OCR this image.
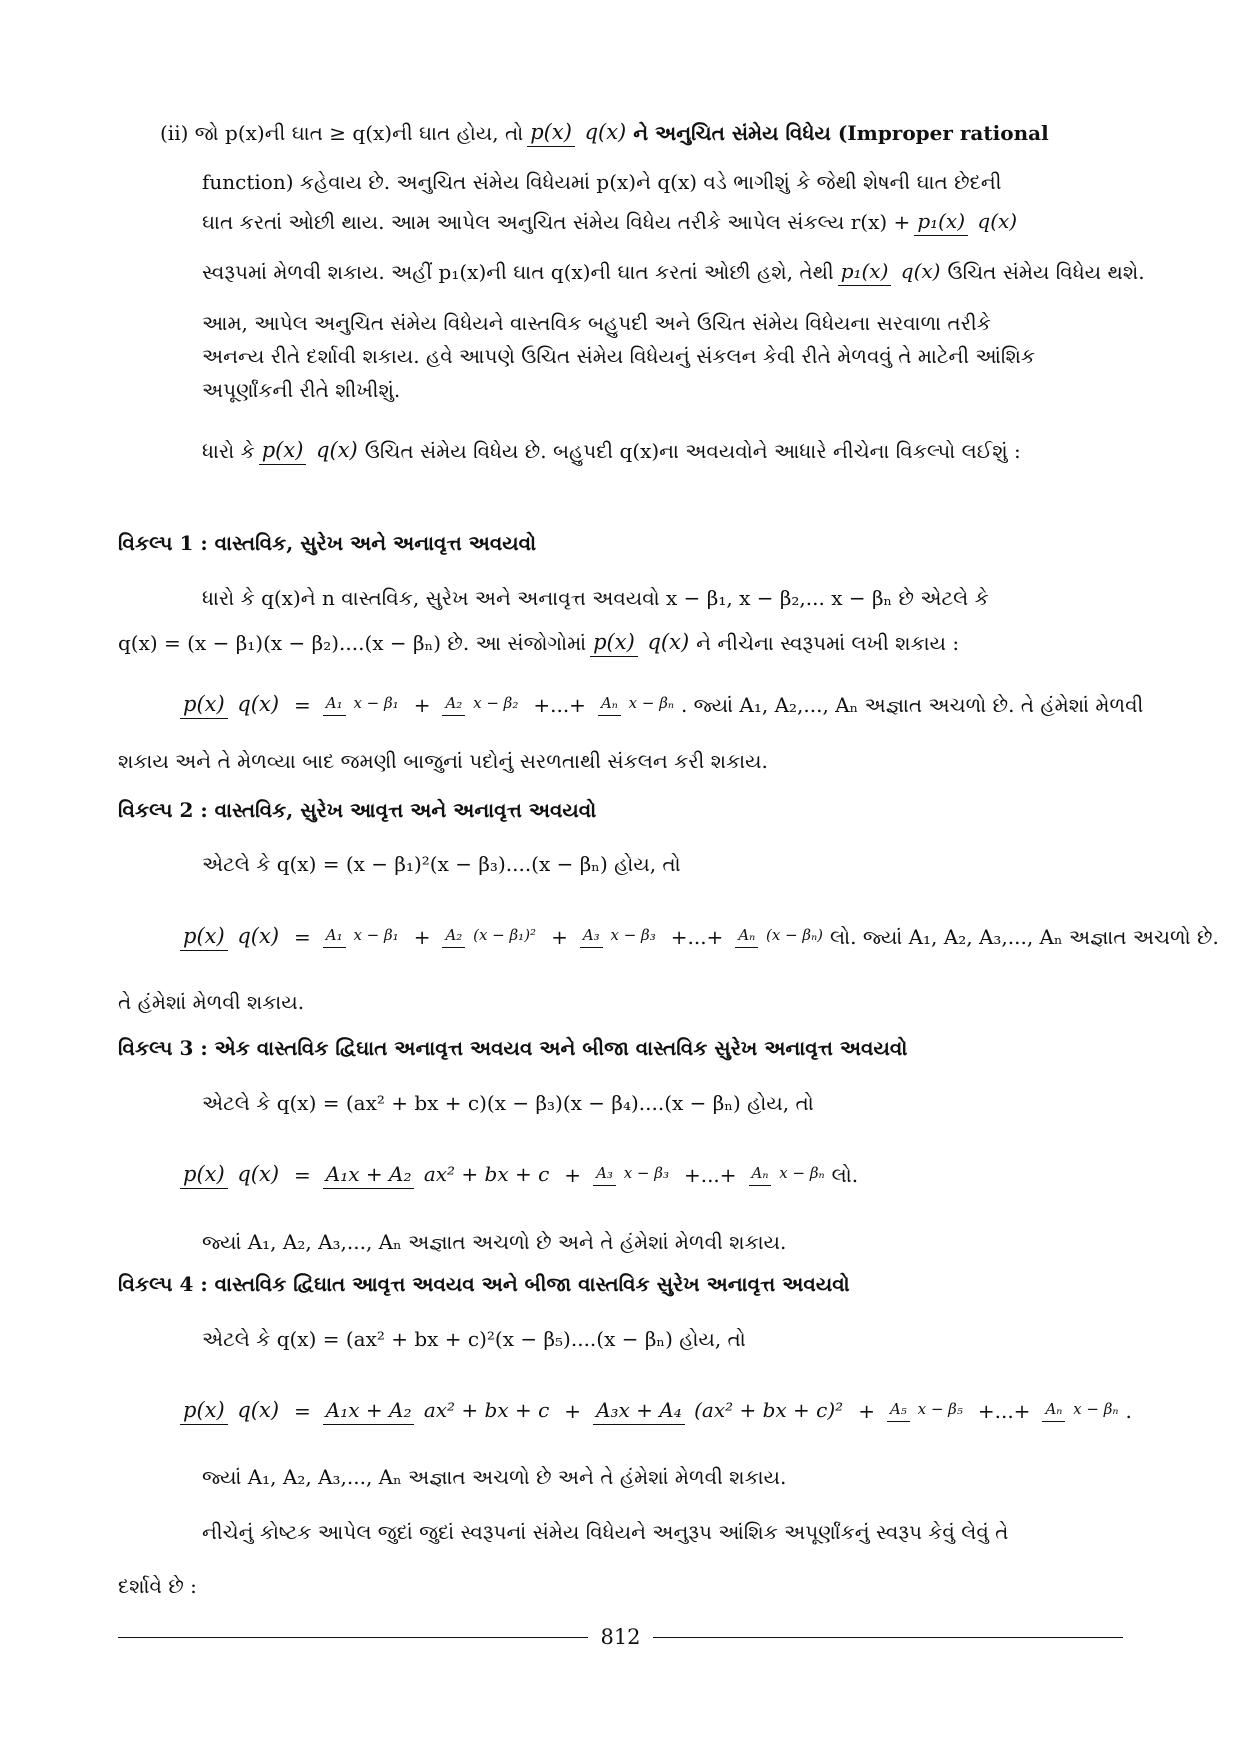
(ii) જો p(x)ની ઘાત ≥ q(x)ની ઘાત હોય, તો p(x) q(x) ને અનુચિત સંમેય વિધેય (Improper rational
function) કહેવાય છે. અનુચિત સંમેય વિધેયમાં p(x)ને q(x) વડે ભાગીશું કે જેથી શેષની ઘાત છેદની
ઘાત કરતાં ઓછી થાય. આમ આપેલ અનુચિત સંમેય વિધેય તરીકે આપેલ સંકલ્ય r(x) + p₁(x) q(x)
સ્વરૂપમાં મેળવી શકાય. અહીં p₁(x)ની ઘાત q(x)ની ઘાત કરતાં ઓછી હશે, તેથી p₁(x) q(x) ઉચિત સંમેય વિધેય થશે.
આમ, આપેલ અનુચિત સંમેય વિધેયને વાસ્તવિક બહુપદી અને ઉચિત સંમેય વિધેયના સરવાળા તરીકે
અનન્ય રીતે દર્શાવી શકાય. હવે આપણે ઉચિત સંમેય વિધેયનું સંકલન કેવી રીતે મેળવવું તે માટેની આંશિક
અપૂર્ણાંકની રીતે શીખીશું.
ધારો કે p(x) q(x) ઉચિત સંમેય વિધેય છે. બહુપદી q(x)ના અવયવોને આધારે નીચેના વિકલ્પો લઈશું :
વિકલ્પ 1 : વાસ્તવિક, સુરેખ અને અનાવૃત્ત અવયવો
ધારો કે q(x)ને n વાસ્તવિક, સુરેખ અને અનાવૃત્ત અવયવો x − β₁, x − β₂,... x − βₙ છે એટલે કે
q(x) = (x − β₁)(x − β₂)....(x − βₙ) છે. આ સંજોગોમાં p(x) q(x) ને નીચેના સ્વરૂપમાં લખી શકાય :
p(x) q(x) = A₁ x − β₁ + A₂ x − β₂ +...+ Aₙ x − βₙ . જ્યાં A₁, A₂,..., Aₙ અજ્ઞાત અચળો છે. તે હંમેશાં મેળવી
શકાય અને તે મેળવ્યા બાદ જમણી બાજુનાં પદોનું સરળતાથી સંકલન કરી શકાય.
વિકલ્પ 2 : વાસ્તવિક, સુરેખ આવૃત્ત અને અનાવૃત્ત અવયવો
એટલે કે q(x) = (x − β₁)²(x − β₃)....(x − βₙ) હોય, તો
p(x) q(x) = A₁ x − β₁ + A₂ (x − β₁)² + A₃ x − β₃ +...+ Aₙ (x − βₙ) લો. જ્યાં A₁, A₂, A₃,..., Aₙ અજ્ઞાત અચળો છે.
તે હંમેશાં મેળવી શકાય.
વિકલ્પ 3 : એક વાસ્તવિક દ્વિઘાત અનાવૃત્ત અવયવ અને બીજા વાસ્તવિક સુરેખ અનાવૃત્ત અવયવો
એટલે કે q(x) = (ax² + bx + c)(x − β₃)(x − β₄)....(x − βₙ) હોય, તો
p(x) q(x) = A₁x + A₂ ax² + bx + c + A₃ x − β₃ +...+ Aₙ x − βₙ લો.
જ્યાં A₁, A₂, A₃,..., Aₙ અજ્ઞાત અચળો છે અને તે હંમેશાં મેળવી શકાય.
વિકલ્પ 4 : વાસ્તવિક દ્વિઘાત આવૃત્ત અવયવ અને બીજા વાસ્તવિક સુરેખ અનાવૃત્ત અવયવો
એટલે કે q(x) = (ax² + bx + c)²(x − β₅)....(x − βₙ) હોય, તો
p(x) q(x) = A₁x + A₂ ax² + bx + c + A₃x + A₄ (ax² + bx + c)² + A₅ x − β₅ +...+ Aₙ x − βₙ .
જ્યાં A₁, A₂, A₃,..., Aₙ અજ્ઞાત અચળો છે અને તે હંમેશાં મેળવી શકાય.
નીચેનું કોષ્ટક આપેલ જુદાં જુદાં સ્વરૂપનાં સંમેય વિધેયને અનુરૂપ આંશિક અપૂર્ણાંકનું સ્વરૂપ કેવું લેવું તે
દર્શાવે છે :
812
